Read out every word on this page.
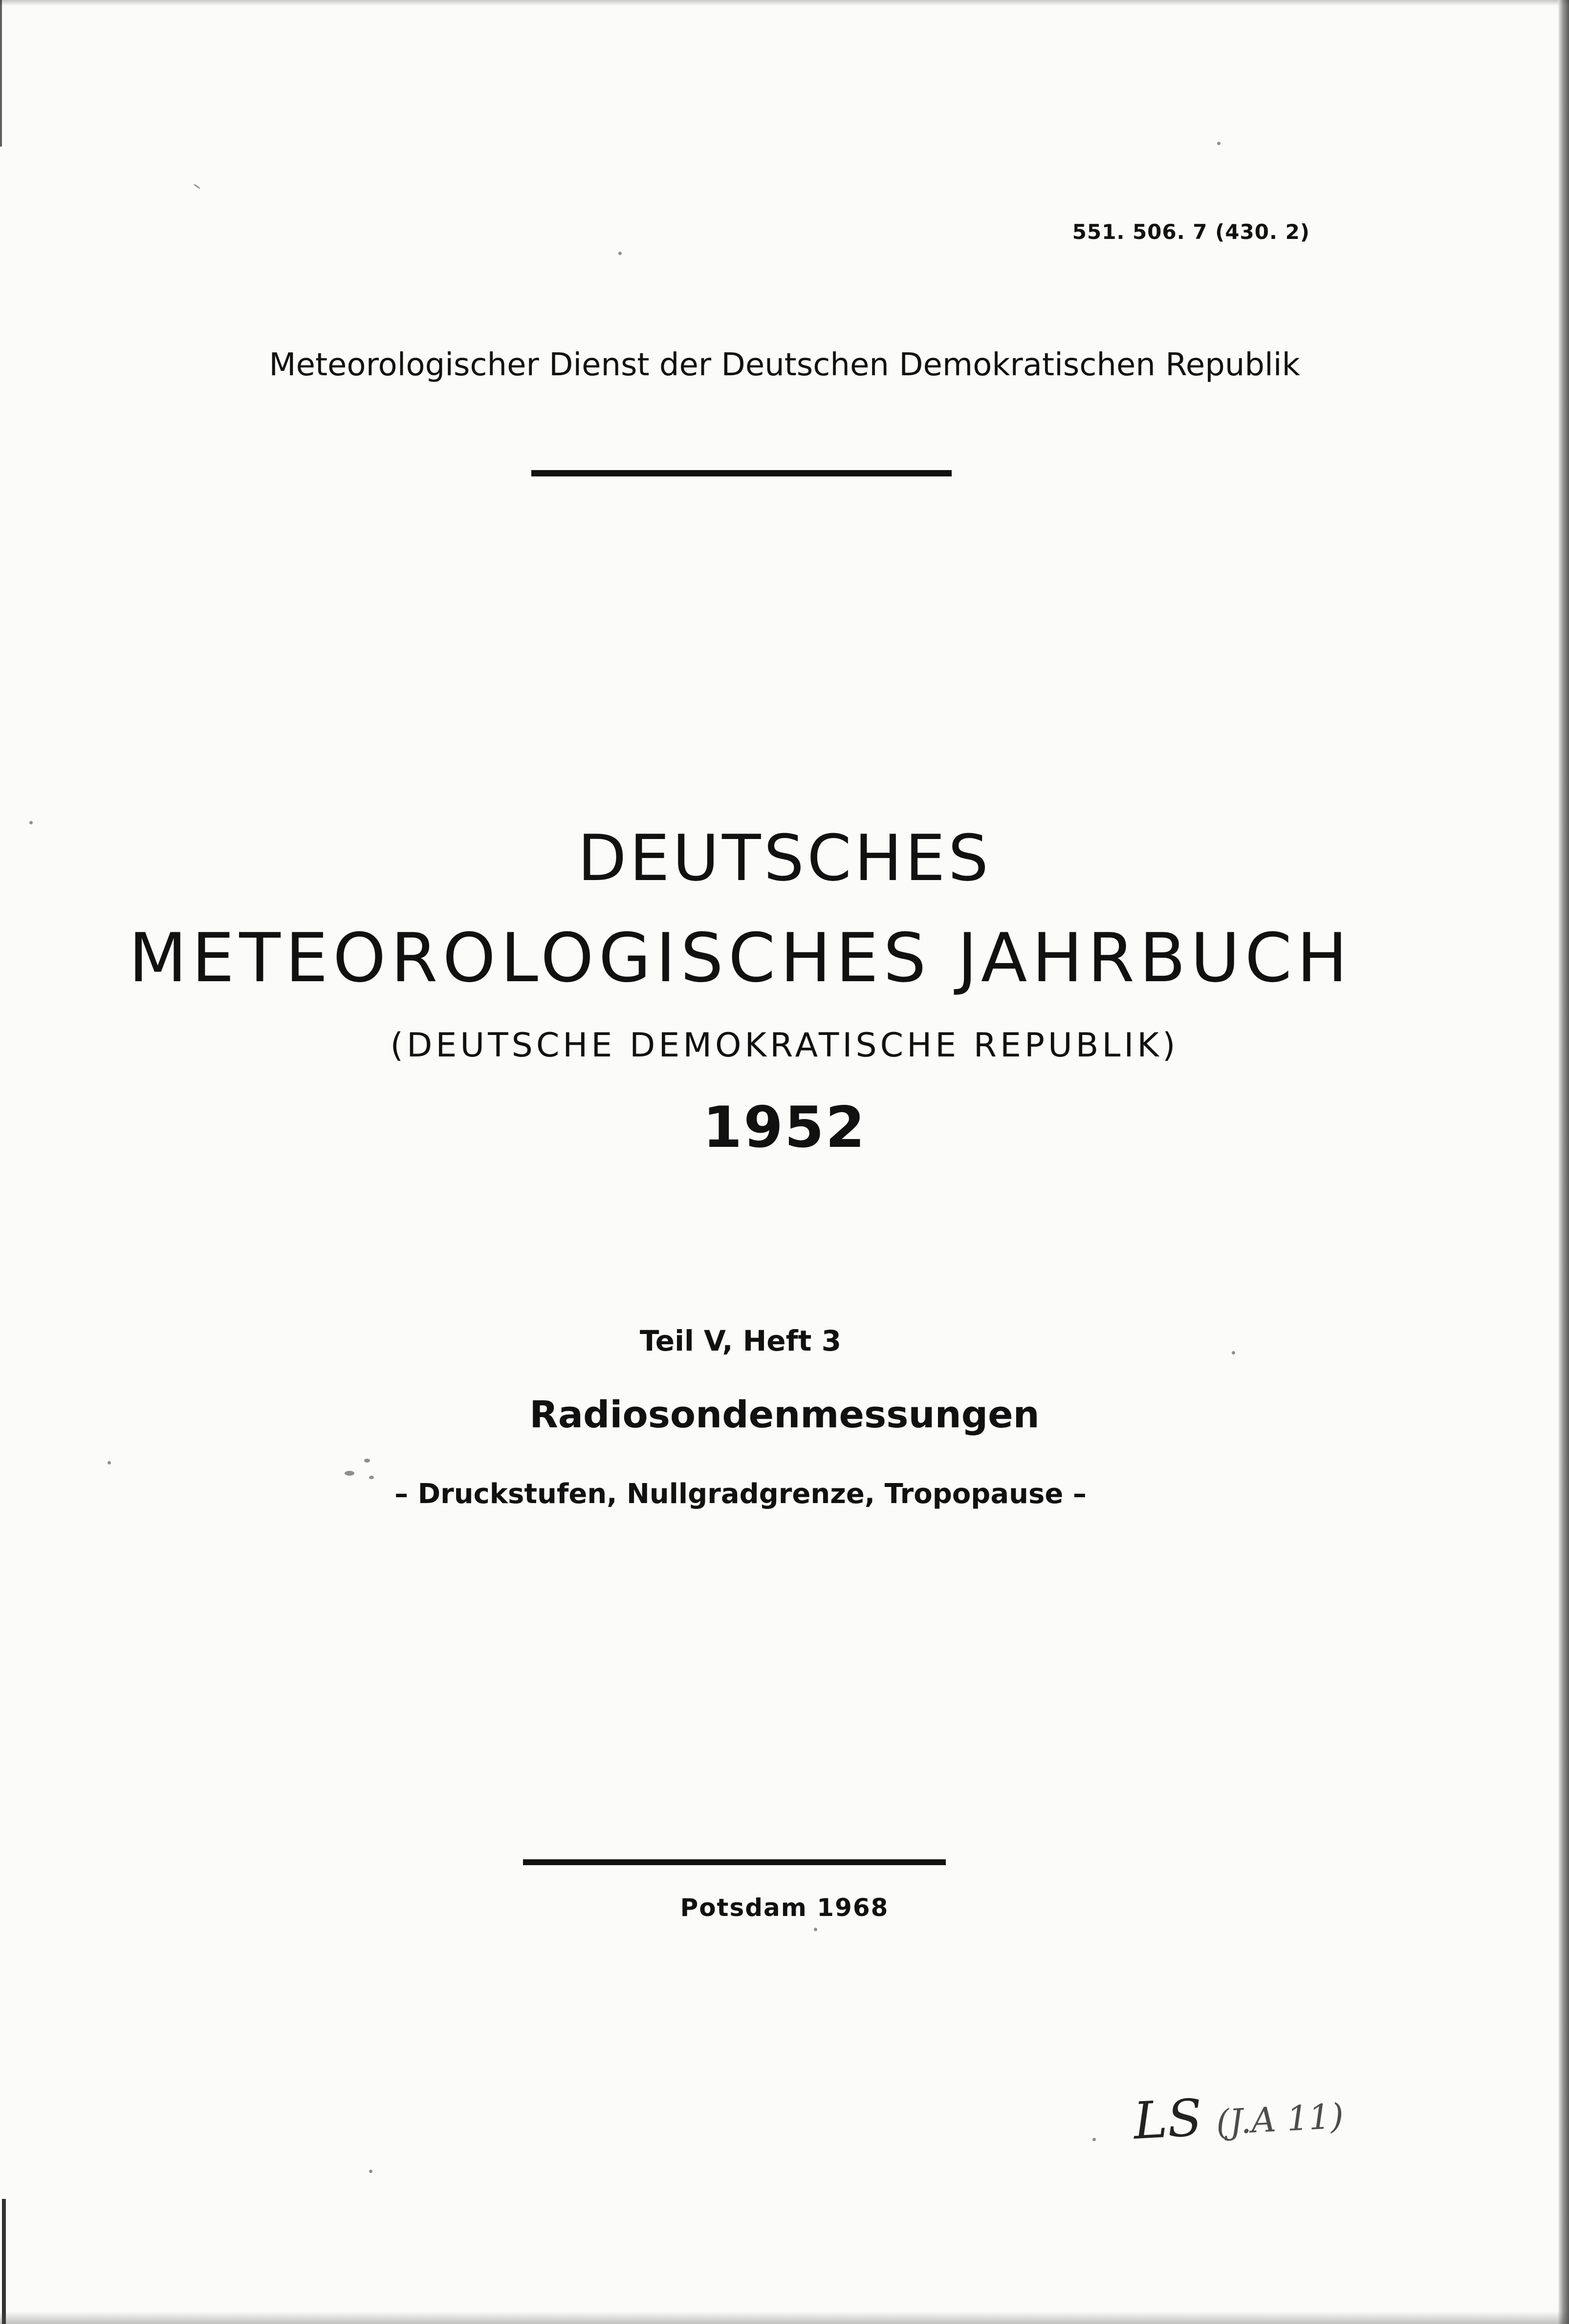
551. 506. 7 (430. 2)
Meteorologischer Dienst der Deutschen Demokratischen Republik
DEUTSCHES
METEOROLOGISCHES JAHRBUCH
(DEUTSCHE DEMOKRATISCHE REPUBLIK)
1952
Teil V, Heft 3
Radiosondenmessungen
– Druckstufen, Nullgradgrenze, Tropopause –
Potsdam 1968
LS (J.A 11)
